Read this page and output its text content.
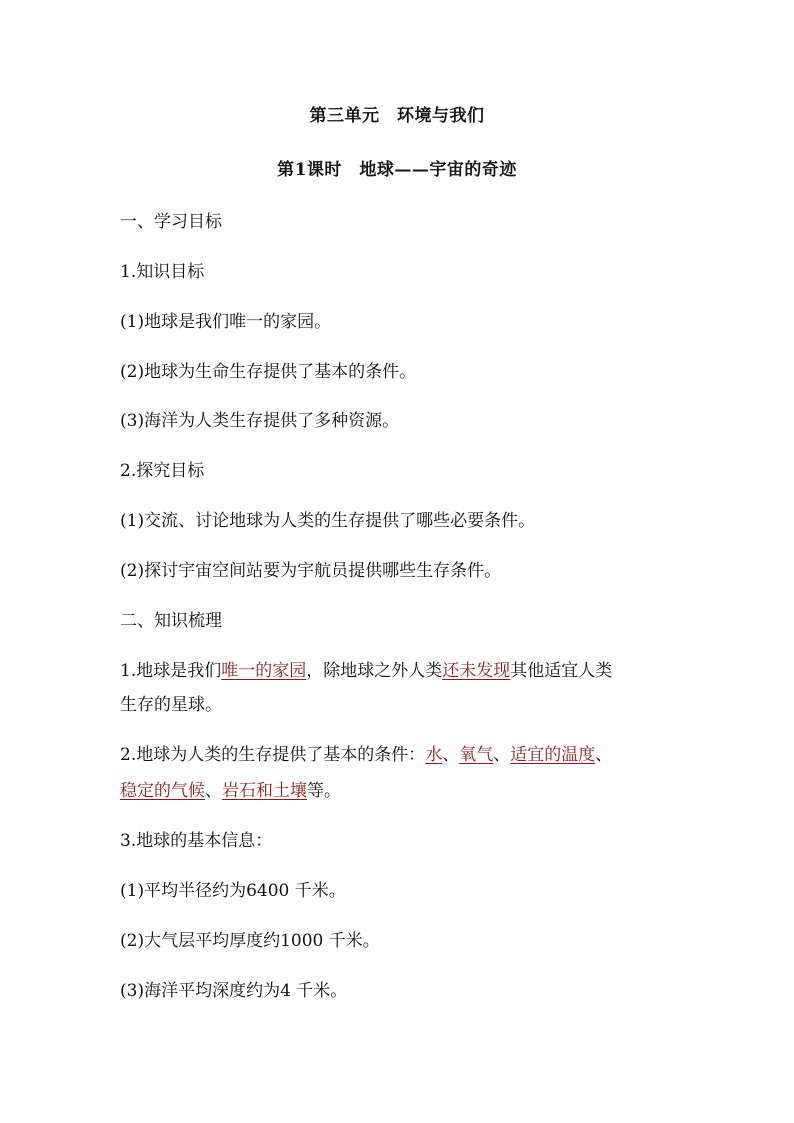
第三单元　环境与我们
第1课时　地球——宇宙的奇迹
一、学习目标
1.知识目标
(1)地球是我们唯一的家园。
(2)地球为生命生存提供了基本的条件。
(3)海洋为人类生存提供了多种资源。
2.探究目标
(1)交流、讨论地球为人类的生存提供了哪些必要条件。
(2)探讨宇宙空间站要为宇航员提供哪些生存条件。
二、知识梳理
1.地球是我们唯一的家园，除地球之外人类还未发现其他适宜人类
生存的星球。
2.地球为人类的生存提供了基本的条件：水、氧气、适宜的温度、
稳定的气候、岩石和土壤等。
3.地球的基本信息：
(1)平均半径约为6400 千米。
(2)大气层平均厚度约1000 千米。
(3)海洋平均深度约为4 千米。
